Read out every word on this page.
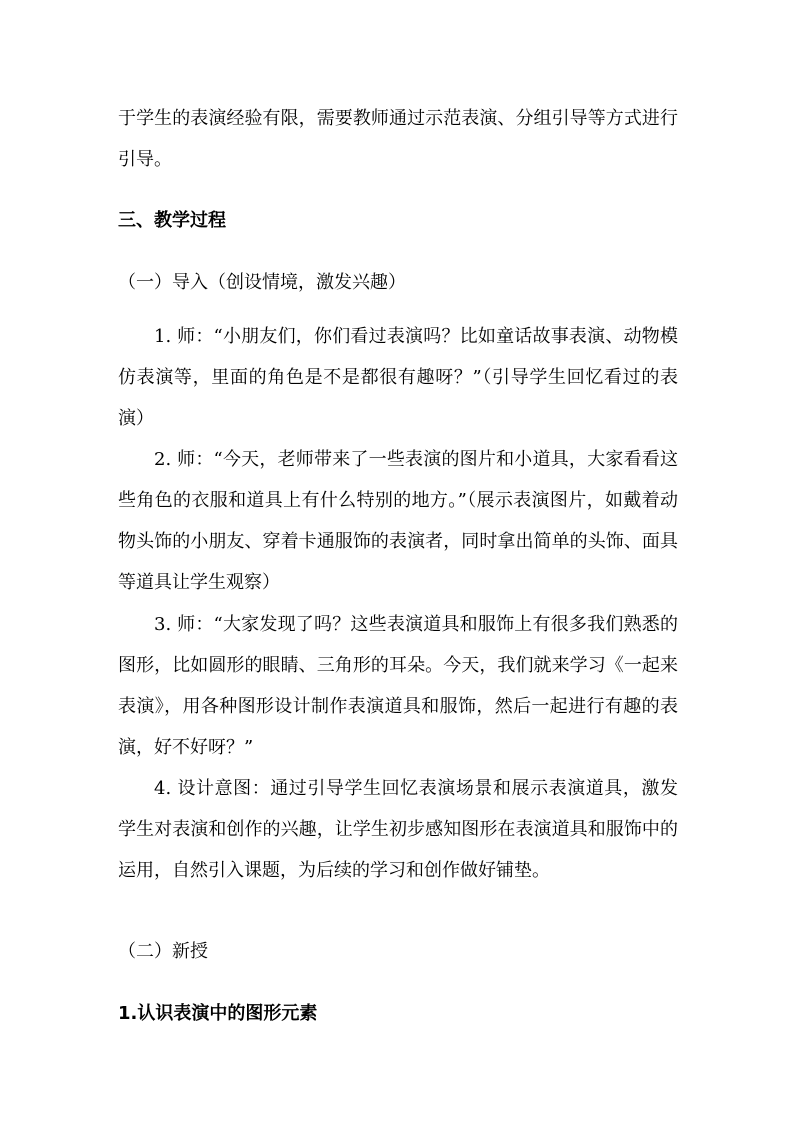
于学生的表演经验有限，需要教师通过示范表演、分组引导等方式进行引导。
三、教学过程
（一）导入（创设情境，激发兴趣）
1. 师：“小朋友们，你们看过表演吗？比如童话故事表演、动物模仿表演等，里面的角色是不是都很有趣呀？”（引导学生回忆看过的表演）
2. 师：“今天，老师带来了一些表演的图片和小道具，大家看看这些角色的衣服和道具上有什么特别的地方。”（展示表演图片，如戴着动物头饰的小朋友、穿着卡通服饰的表演者，同时拿出简单的头饰、面具等道具让学生观察）
3. 师：“大家发现了吗？这些表演道具和服饰上有很多我们熟悉的图形，比如圆形的眼睛、三角形的耳朵。今天，我们就来学习《一起来表演》，用各种图形设计制作表演道具和服饰，然后一起进行有趣的表演，好不好呀？”
4. 设计意图：通过引导学生回忆表演场景和展示表演道具，激发学生对表演和创作的兴趣，让学生初步感知图形在表演道具和服饰中的运用，自然引入课题，为后续的学习和创作做好铺垫。
（二）新授
1.认识表演中的图形元素
